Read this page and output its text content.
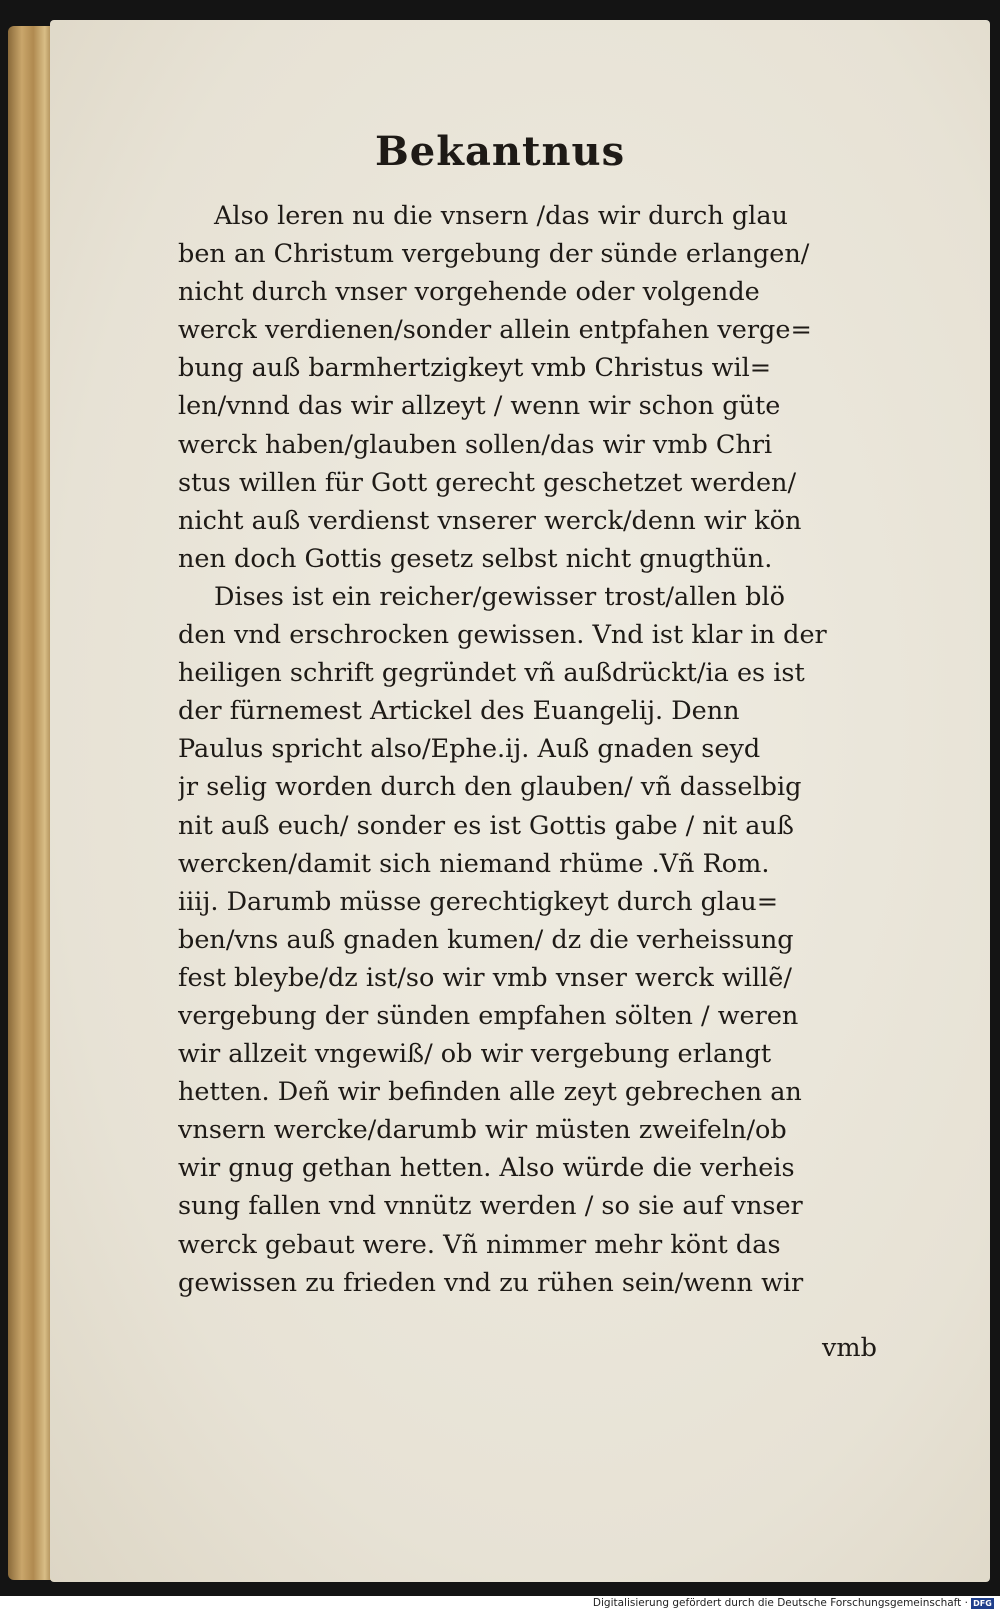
Bekantnus
Also leren nu die vnsern /das wir durch glau
ben an Christum vergebung der sünde erlangen/
nicht durch vnser vorgehende oder volgende
werck verdienen/sonder allein entpfahen verge=
bung auß barmhertzigkeyt vmb Christus wil=
len/vnnd das wir allzeyt / wenn wir schon güte
werck haben/glauben sollen/das wir vmb Chri
stus willen für Gott gerecht geschetzet werden/
nicht auß verdienst vnserer werck/denn wir kön
nen doch Gottis gesetz selbst nicht gnugthün.
Dises ist ein reicher/gewisser trost/allen blö
den vnd erschrocken gewissen. Vnd ist klar in der
heiligen schrift gegründet vñ außdrückt/ia es ist
der fürnemest Artickel des Euangelij. Denn
Paulus spricht also/Ephe.ij. Auß gnaden seyd
jr selig worden durch den glauben/ vñ dasselbig
nit auß euch/ sonder es ist Gottis gabe / nit auß
wercken/damit sich niemand rhüme .Vñ Rom.
iiij. Darumb müsse gerechtigkeyt durch glau=
ben/vns auß gnaden kumen/ dz die verheissung
fest bleybe/dz ist/so wir vmb vnser werck willẽ/
vergebung der sünden empfahen sölten / weren
wir allzeit vngewiß/ ob wir vergebung erlangt
hetten. Deñ wir befinden alle zeyt gebrechen an
vnsern wercke/darumb wir müsten zweifeln/ob
wir gnug gethan hetten. Also würde die verheis
sung fallen vnd vnnütz werden / so sie auf vnser
werck gebaut were. Vñ nimmer mehr könt das
gewissen zu frieden vnd zu rühen sein/wenn wir
vmb
Digitalisierung gefördert durch die Deutsche Forschungsgemeinschaft · DFG
